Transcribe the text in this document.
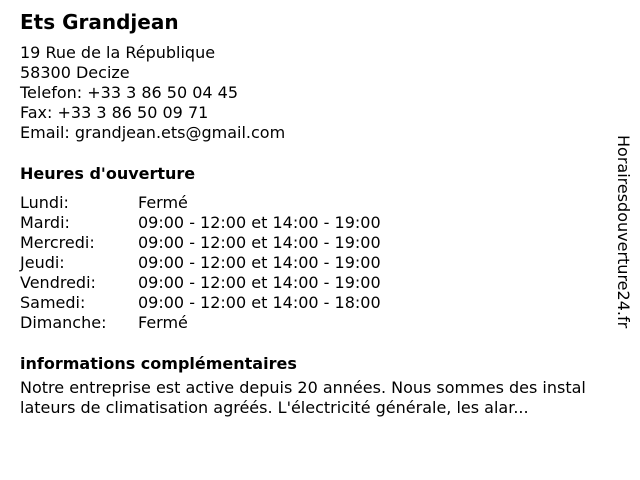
Ets Grandjean
19 Rue de la République
58300 Decize
Telefon: +33 3 86 50 04 45
Fax: +33 3 86 50 09 71
Email: grandjean.ets@gmail.com
Heures d'ouverture
Lundi:	Fermé
Mardi:	09:00 - 12:00 et 14:00 - 19:00
Mercredi:	09:00 - 12:00 et 14:00 - 19:00
Jeudi:	09:00 - 12:00 et 14:00 - 19:00
Vendredi:	09:00 - 12:00 et 14:00 - 19:00
Samedi:	09:00 - 12:00 et 14:00 - 18:00
Dimanche:	Fermé
informations complémentaires
Notre entreprise est active depuis 20 années. Nous sommes des instal
lateurs de climatisation agréés. L'électricité générale, les alar...
Horairesdouverture24.fr
